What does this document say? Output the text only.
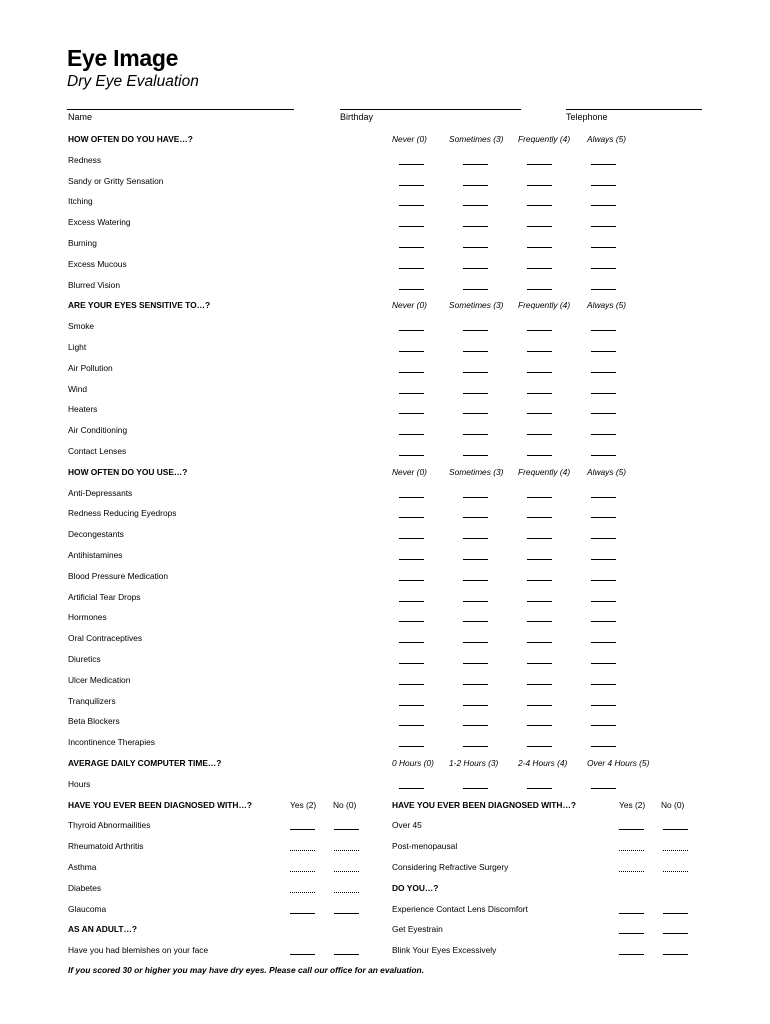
Eye Image
Dry Eye Evaluation
Name	Birthday	Telephone
HOW OFTEN DO YOU HAVE…?	Never (0)	Sometimes (3) Frequently (4) Always (5)
Redness
Sandy or Gritty Sensation
Itching
Excess Watering
Burning
Excess Mucous
Blurred Vision
ARE YOUR EYES SENSITIVE TO…?	Never (0)	Sometimes (3) Frequently (4) Always (5)
Smoke
Light
Air Pollution
Wind
Heaters
Air Conditioning
Contact Lenses
HOW OFTEN DO YOU USE…?	Never (0)	Sometimes (3) Frequently (4) Always (5)
Anti-Depressants
Redness Reducing Eyedrops
Decongestants
Antihistamines
Blood Pressure Medication
Artificial Tear Drops
Hormones
Oral Contraceptives
Diuretics
Ulcer Medication
Tranquilizers
Beta Blockers
Incontinence Therapies
AVERAGE DAILY COMPUTER TIME…?	0 Hours (0) 1-2 Hours (3) 2-4 Hours (4) Over 4 Hours (5)
Hours
HAVE YOU EVER BEEN DIAGNOSED WITH…?	Yes (2) No (0)
Thyroid Abnormailities
Rheumatoid Arthritis
Asthma
Diabetes
Glaucoma
AS AN ADULT…?
Have you had blemishes on your face
HAVE YOU EVER BEEN DIAGNOSED WITH…?	Yes (2) No (0)
Over 45
Post-menopausal
Considering Refractive Surgery
DO YOU…?
Experience Contact Lens Discomfort
Get Eyestrain
Blink Your Eyes Excessively
If you scored 30 or higher you may have dry eyes. Please call our office for an evaluation.
